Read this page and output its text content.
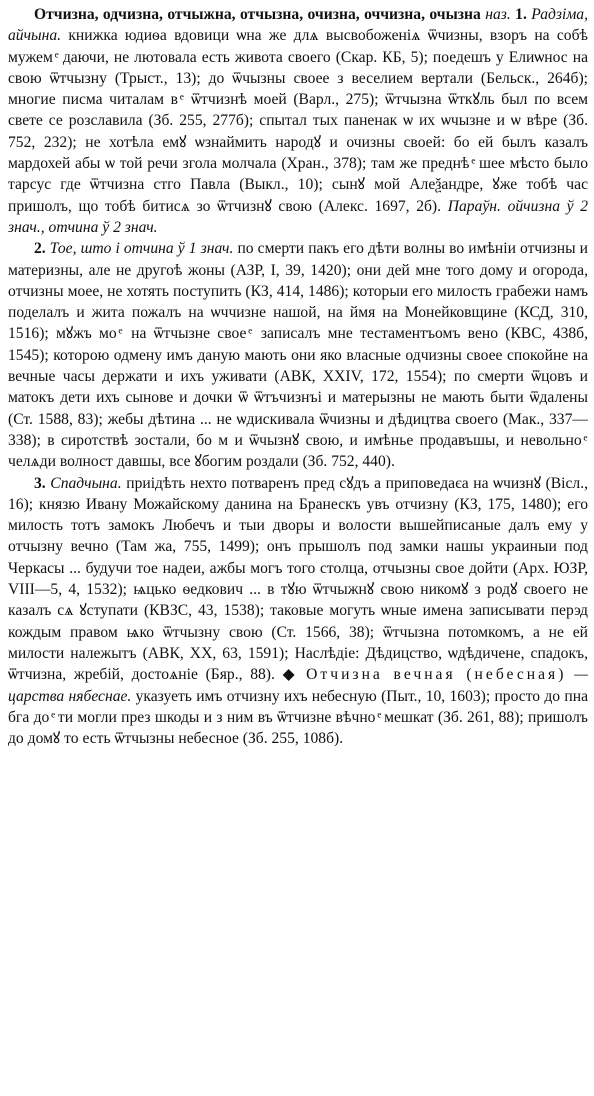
Отчизна, одчизна, отчыжна, отчызна, очизна, оччизна, очызна наз. 1. Радзіма, айчына. книжка юдиѳа вдовици ѡна же длѧ высвобоженіѧ ѿчизны, взоръ на собѣ мужем ͤ даючи, не лютовала есть живота своего (Скар. КБ, 5); поедешъ у Елиѡнос на свою ѿтчызну (Трыст., 13); до ѿчызны своее з веселием вертали (Бельск., 264б); многие писма читалам в ͤ ѿтчизнѣ моей (Варл., 275); ѿтчызна ѿткꙋль был по всем свете се розславила (Зб. 255, 277б); спытал тых паненак ѡ их ѡчызне и ѡ вѣре (Зб. 752, 232); не хотѣла емꙋ ѡзнаймить народꙋ и очизны своей: бо ей былъ казалъ мардохей абы ѡ той речи згола молчала (Хран., 378); там же преднѣ ͤ шее мѣсто было тарсус где ѿтчизна стго Павла (Выкл., 10); сынꙋ мой Алеѯандре, ꙋже тобѣ час пришолъ, що тобѣ битисѧ зо ѿтчизнꙋ свою (Алекс. 1697, 2б). Параўн. ойчизна ў 2 знач., отчина ў 2 знач.

2. Тое, што і отчина ў 1 знач. по смерти пакъ его дѣти волны во имѣніи отчизны и материзны, але не другоѣ жоны (АЗР, I, 39, 1420); они дей мне того дому и огорода, отчизны моее, не хотять поступить (КЗ, 414, 1486); которыи его милость грабежи намъ поделалъ и жита пожалъ на ѡччизне нашой, на ймя на Монейковщине (КСД, 310, 1516); мꙋжъ мо ͤ на ѿтчызне свое ͤ записалъ мне тестаментъомъ вено (КВС, 438б, 1545); которою одмену имъ даную мають они яко власные одчизны своее спокойне на вечные часы держати и ихъ уживати (АВК, XXIV, 172, 1554); по смерти ѿцовъ и матокъ дети ихъ сынове и дочки ѿ ѿтъчизнъі и матерызны не мають быти ѿдалены (Ст. 1588, 83); жебы дѣтина ... не ѡдискивала ѿчизны и дѣдицтва своего (Мак., 337—338); в сиротствѣ зостали, бо м и ѿчызнꙋ свою, и имѣнье продавъшы, и невольно ͤ челѧди волност давшы, все ꙋбогим роздали (Зб. 752, 440).

3. Спадчына. приідѣть нехто потваренъ пред сꙋдъ а приповедаєа на ѡчизнꙋ (Вісл., 16); князю Ивану Можайскому данина на Бранескъ увъ отчизну (КЗ, 175, 1480); его милость тотъ замокъ Любечъ и тыи дворы и волости вышейписаные далъ ему у отчызну вечно (Там жа, 755, 1499); онъ прышолъ под замки нашы украиныи под Черкасы ... будучи тое надеи, ажбы могъ того столца, отчызны свое дойти (Арх. ЮЗР, VIII—5, 4, 1532); ѩцько ѳедкович ... в тꙋю ѿтчыжнꙋ свою никомꙋ з родꙋ своего не казалъ сѧ ꙋступати (КВЗС, 43, 1538); таковые могуть ѡные имена записывати перэд кождым правом ѩко ѿтчызну свою (Ст. 1566, 38); ѿтчызна потомкомъ, а не ей милости належытъ (АВК, XX, 63, 1591); Наслѣдіе: Дѣдицство, ѡдѣдичене, спадокъ, ѿтчизна, жребій, достоѧніе (Бяр., 88). ◆ Отчизна вечная (небесная) — царства нябеснае. указуеть имъ отчизну ихъ небесную (Пыт., 10, 1603); просто до пна бга до ͤ ти могли през шкоды и з ним въ ѿтчизне вѣчно ͤ мешкат (Зб. 261, 88); пришолъ до домꙋ то есть ѿтчызны небесное (Зб. 255, 108б).
